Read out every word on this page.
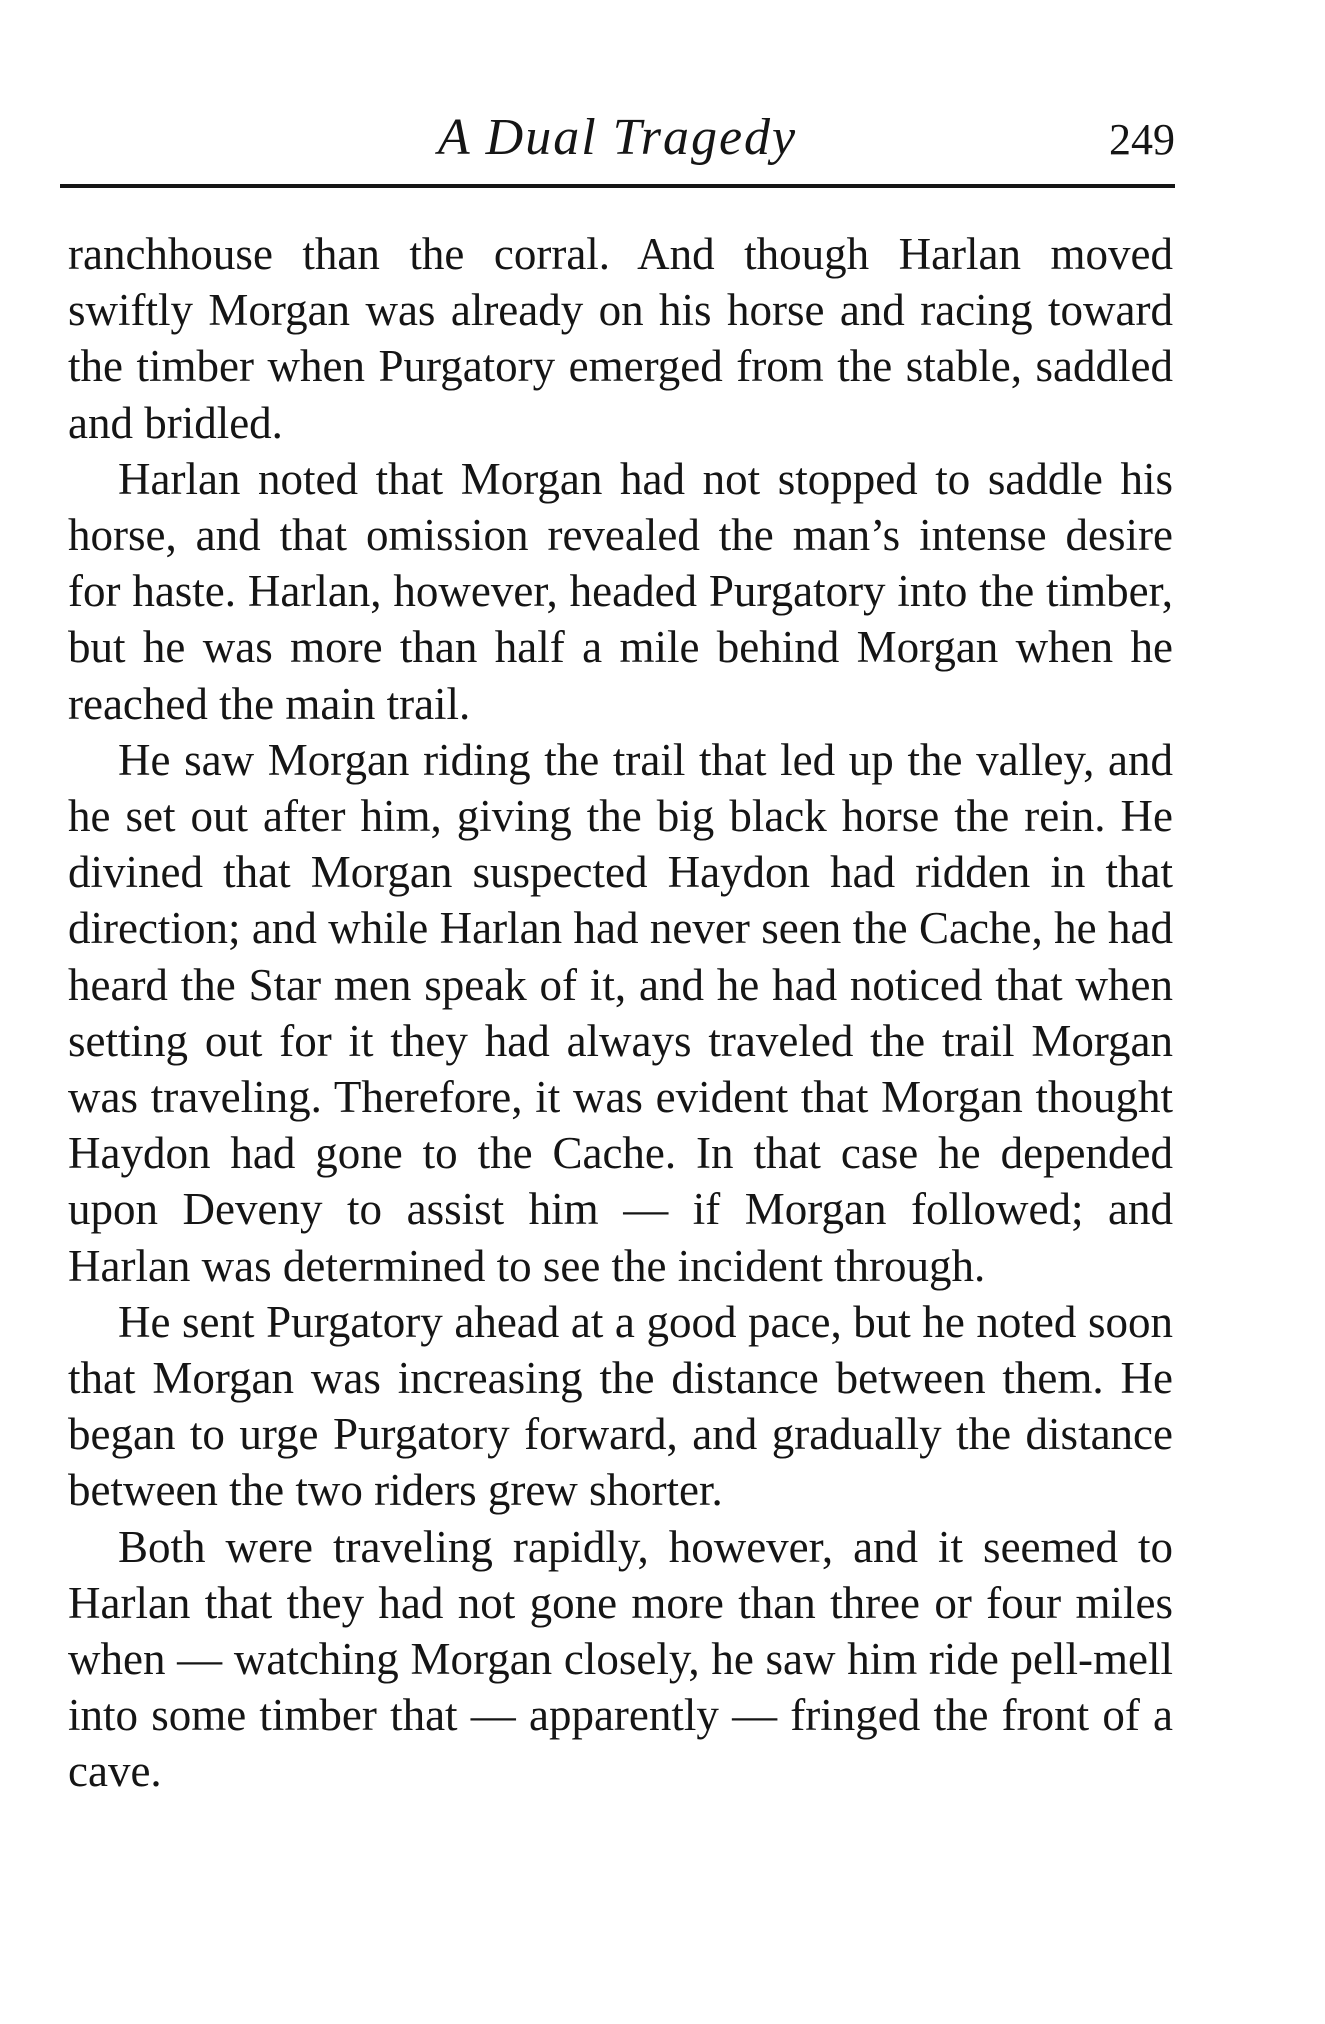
A Dual Tragedy	249

ranchhouse than the corral. And though Harlan moved swiftly Morgan was already on his horse and racing toward the timber when Purgatory emerged from the stable, saddled and bridled.

Harlan noted that Morgan had not stopped to saddle his horse, and that omission revealed the man’s intense desire for haste. Harlan, however, headed Purgatory into the timber, but he was more than half a mile behind Morgan when he reached the main trail.

He saw Morgan riding the trail that led up the valley, and he set out after him, giving the big black horse the rein. He divined that Morgan suspected Haydon had ridden in that direction; and while Harlan had never seen the Cache, he had heard the Star men speak of it, and he had noticed that when setting out for it they had always traveled the trail Morgan was traveling. Therefore, it was evident that Morgan thought Haydon had gone to the Cache. In that case he depended upon Deveny to assist him — if Morgan followed; and Harlan was determined to see the incident through.

He sent Purgatory ahead at a good pace, but he noted soon that Morgan was increasing the distance between them. He began to urge Purgatory forward, and gradually the distance between the two riders grew shorter.

Both were traveling rapidly, however, and it seemed to Harlan that they had not gone more than three or four miles when — watching Morgan closely, he saw him ride pell-mell into some timber that — apparently — fringed the front of a cave.
